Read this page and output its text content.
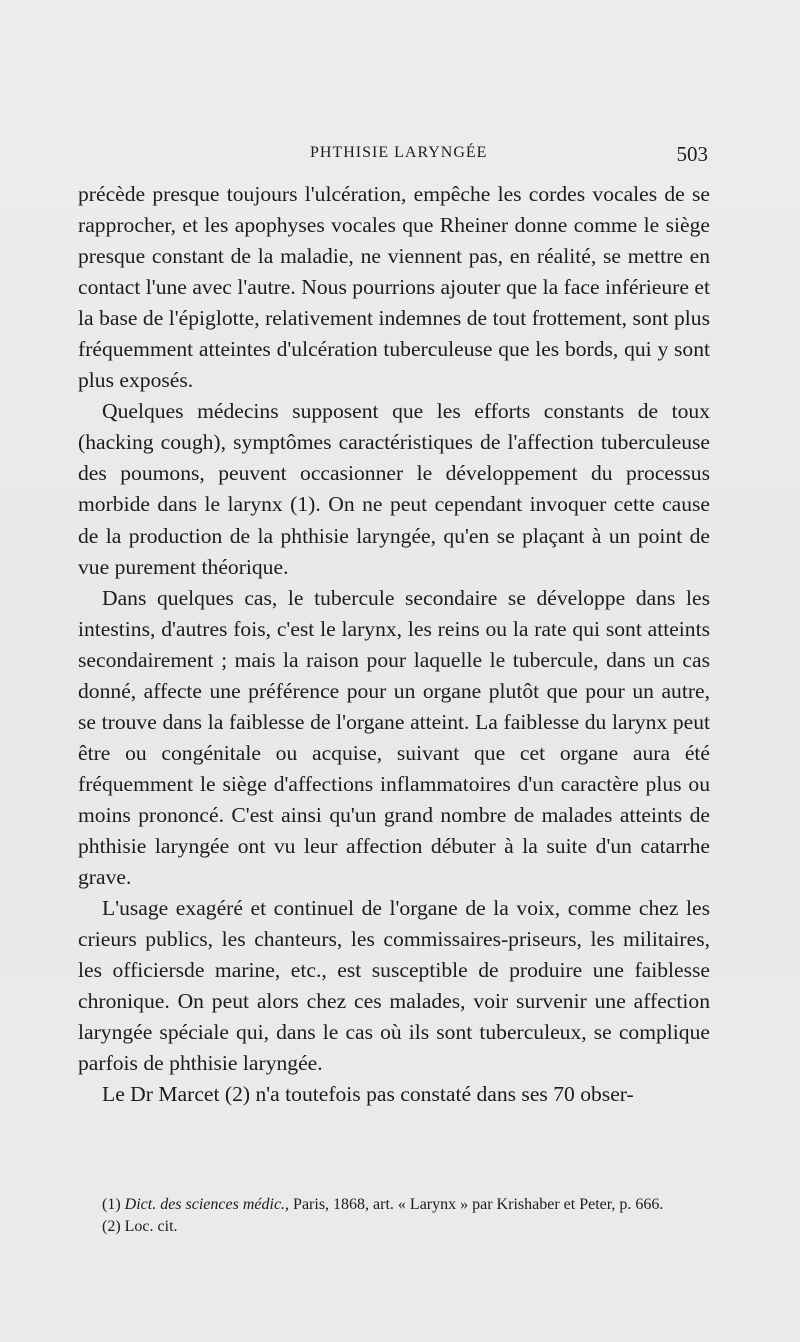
PHTHISIE LARYNGÉE	503

précède presque toujours l'ulcération, empêche les cordes vocales de se rapprocher, et les apophyses vocales que Rheiner donne comme le siège presque constant de la maladie, ne viennent pas, en réalité, se mettre en contact l'une avec l'autre. Nous pourrions ajouter que la face inférieure et la base de l'épiglotte, relativement indemnes de tout frottement, sont plus fréquemment atteintes d'ulcération tuberculeuse que les bords, qui y sont plus exposés.

Quelques médecins supposent que les efforts constants de toux (hacking cough), symptômes caractéristiques de l'affection tuberculeuse des poumons, peuvent occasionner le développement du processus morbide dans le larynx (1). On ne peut cependant invoquer cette cause de la production de la phthisie laryngée, qu'en se plaçant à un point de vue purement théorique.

Dans quelques cas, le tubercule secondaire se développe dans les intestins, d'autres fois, c'est le larynx, les reins ou la rate qui sont atteints secondairement ; mais la raison pour laquelle le tubercule, dans un cas donné, affecte une préférence pour un organe plutôt que pour un autre, se trouve dans la faiblesse de l'organe atteint. La faiblesse du larynx peut être ou congénitale ou acquise, suivant que cet organe aura été fréquemment le siège d'affections inflammatoires d'un caractère plus ou moins prononcé. C'est ainsi qu'un grand nombre de malades atteints de phthisie laryngée ont vu leur affection débuter à la suite d'un catarrhe grave.

L'usage exagéré et continuel de l'organe de la voix, comme chez les crieurs publics, les chanteurs, les commissaires-priseurs, les militaires, les officiersde marine, etc., est susceptible de produire une faiblesse chronique. On peut alors chez ces malades, voir survenir une affection laryngée spéciale qui, dans le cas où ils sont tuberculeux, se complique parfois de phthisie laryngée.

Le Dr Marcet (2) n'a toutefois pas constaté dans ses 70 obser-

(1) Dict. des sciences médic., Paris, 1868, art. « Larynx » par Krishaber et Peter, p. 666.

(2) Loc. cit.
